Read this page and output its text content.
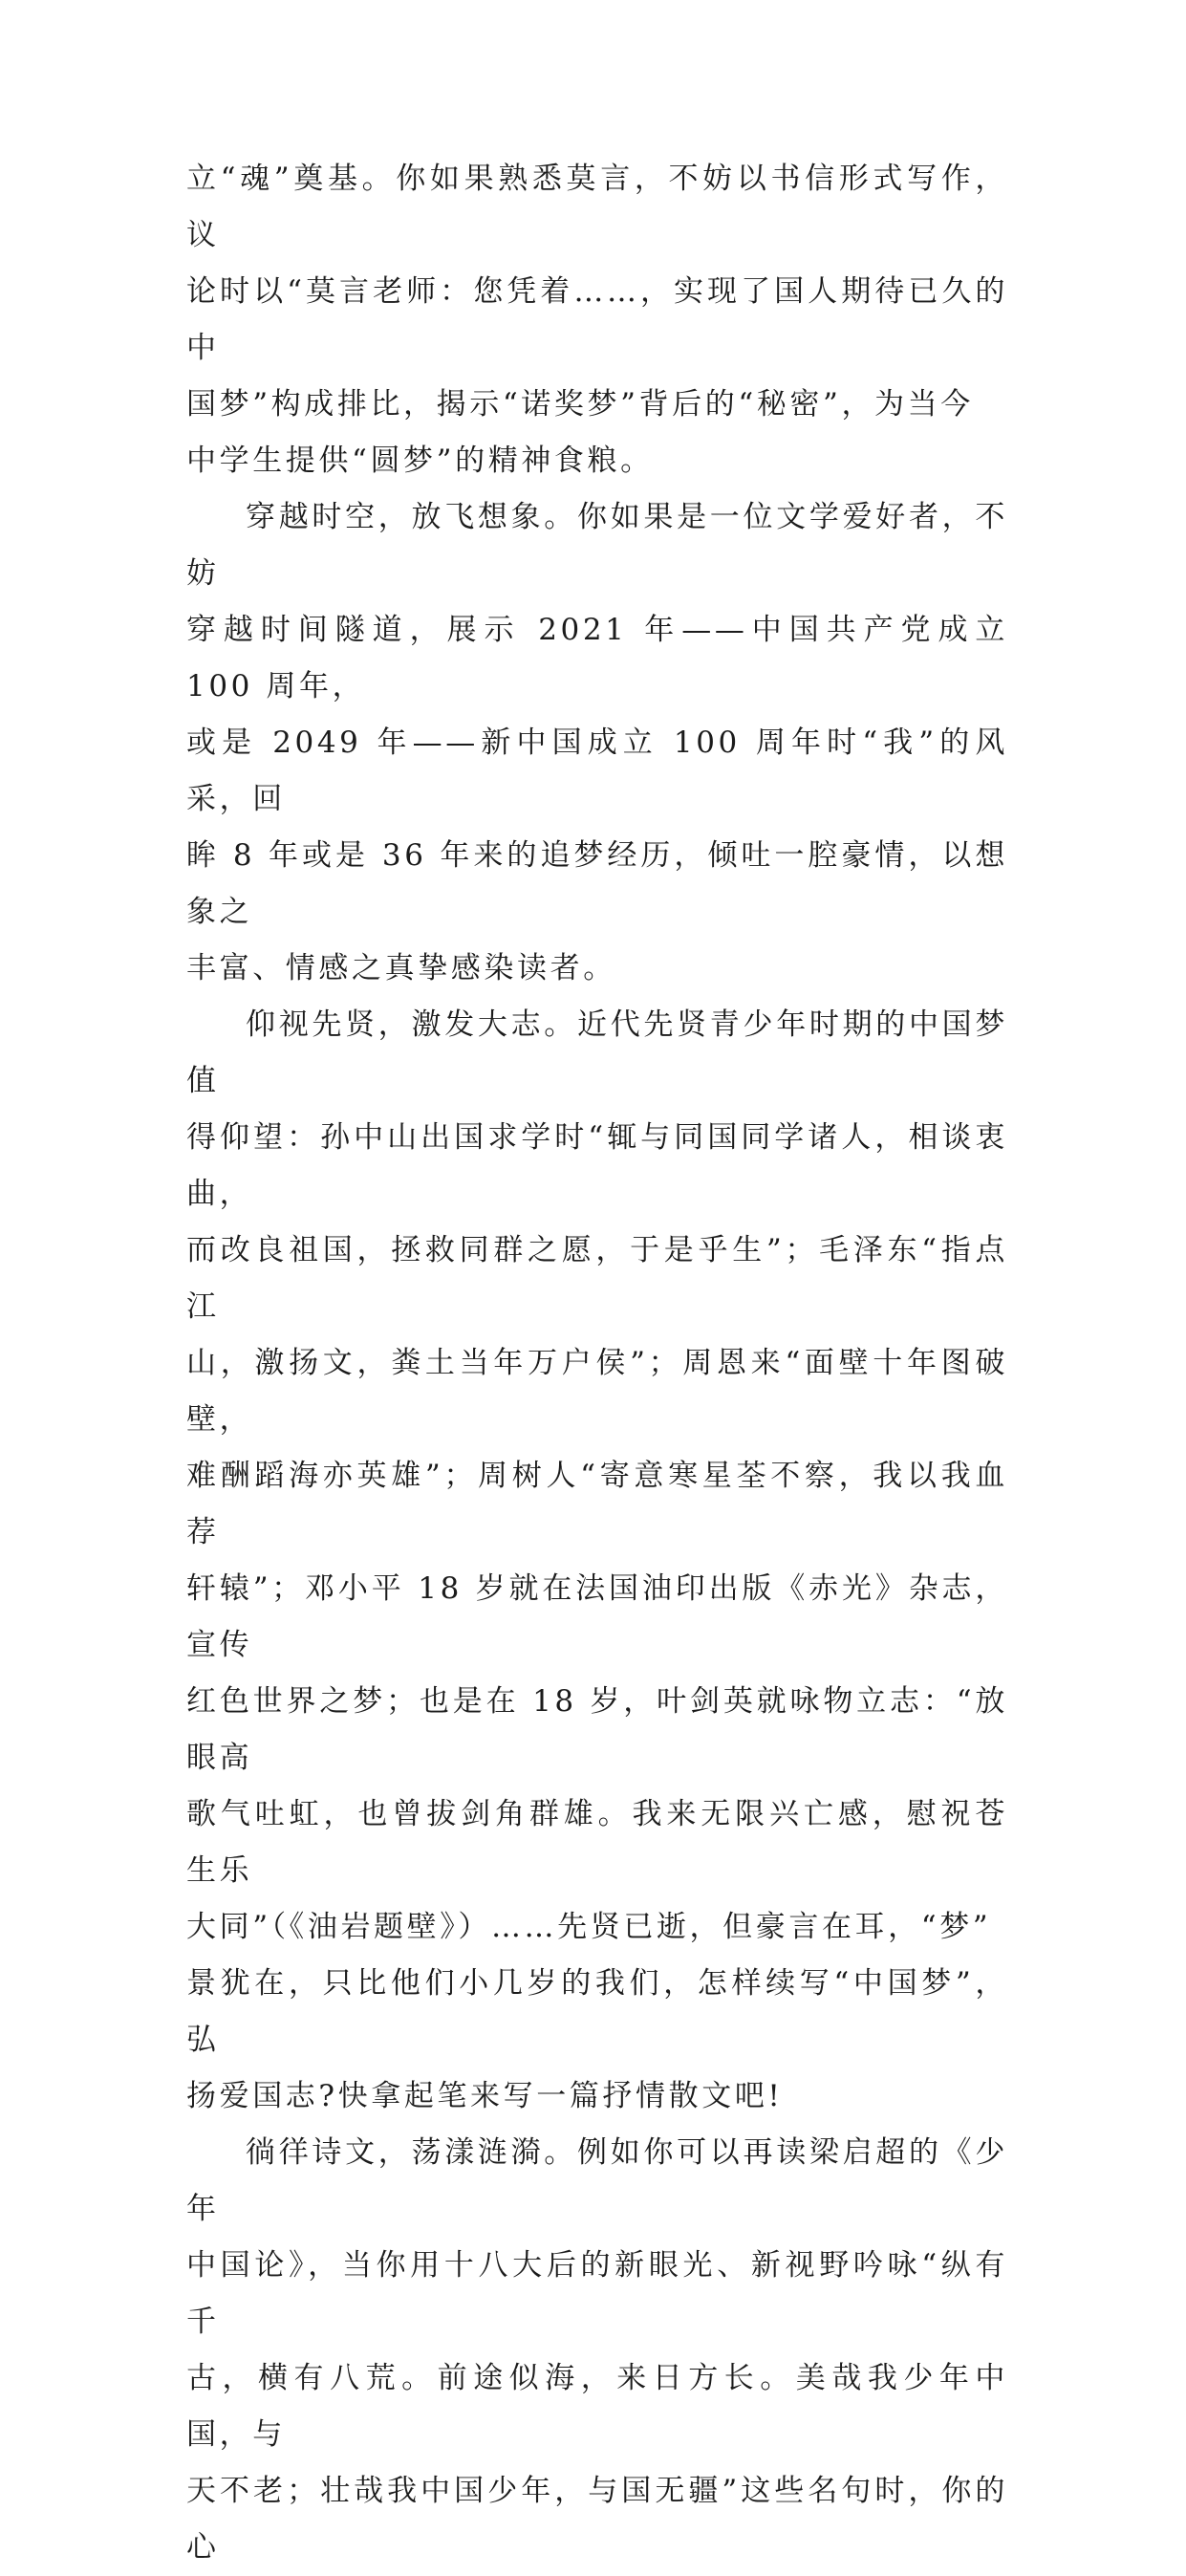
立“魂”奠基。你如果熟悉莫言，不妨以书信形式写作，议
论时以“莫言老师：您凭着……，实现了国人期待已久的中
国梦”构成排比，揭示“诺奖梦”背后的“秘密”，为当今
中学生提供“圆梦”的精神食粮。

穿越时空，放飞想象。你如果是一位文学爱好者，不妨
穿越时间隧道，展示 2021 年——中国共产党成立 100 周年，
或是 2049 年——新中国成立 100 周年时“我”的风采，回
眸 8 年或是 36 年来的追梦经历，倾吐一腔豪情，以想象之
丰富、情感之真挚感染读者。

仰视先贤，激发大志。近代先贤青少年时期的中国梦值
得仰望：孙中山出国求学时“辄与同国同学诸人，相谈衷曲，
而改良祖国，拯救同群之愿，于是乎生”；毛泽东“指点江
山，激扬文，粪土当年万户侯”；周恩来“面壁十年图破壁，
难酬蹈海亦英雄”；周树人“寄意寒星荃不察，我以我血荐
轩辕”；邓小平 18 岁就在法国油印出版《赤光》杂志，宣传
红色世界之梦；也是在 18 岁，叶剑英就咏物立志：“放眼高
歌气吐虹，也曾拔剑角群雄。我来无限兴亡感，慰祝苍生乐
大同”（《油岩题壁》）……先贤已逝，但豪言在耳，“梦”
景犹在，只比他们小几岁的我们，怎样续写“中国梦”，弘
扬爱国志?快拿起笔来写一篇抒情散文吧!

徜徉诗文，荡漾涟漪。例如你可以再读梁启超的《少年
中国论》，当你用十八大后的新眼光、新视野吟咏“纵有千
古，横有八荒。前途似海，来日方长。美哉我少年中国，与
天不老；壮哉我中国少年，与国无疆”这些名句时，你的心
